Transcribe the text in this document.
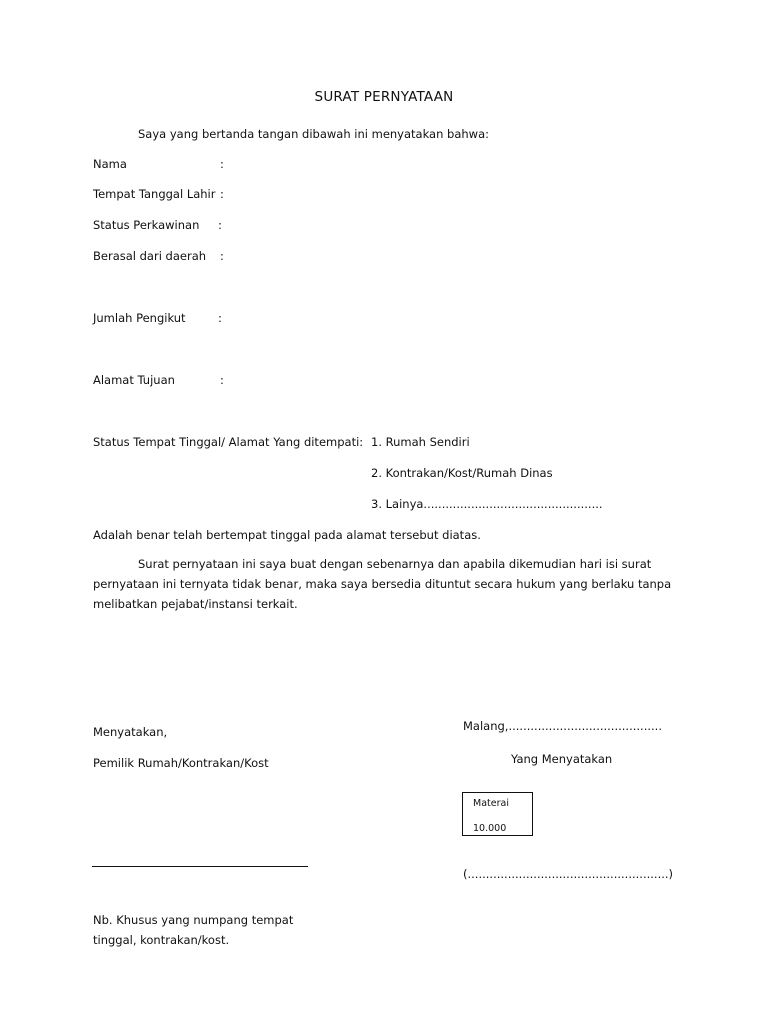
SURAT PERNYATAAN
Saya yang bertanda tangan dibawah ini menyatakan bahwa:
Nama	:
Tempat Tanggal Lahir :
Status Perkawinan :
Berasal dari daerah :
Jumlah Pengikut	:
Alamat Tujuan	:
Status Tempat Tinggal/ Alamat Yang ditempati: 1. Rumah Sendiri
2. Kontrakan/Kost/Rumah Dinas
3. Lainya.................................................
Adalah benar telah bertempat tinggal pada alamat tersebut diatas.
Surat pernyataan ini saya buat dengan sebenarnya dan apabila dikemudian hari isi surat
pernyataan ini ternyata tidak benar, maka saya bersedia dituntut secara hukum yang berlaku tanpa
melibatkan pejabat/instansi terkait.
Malang,..........................................
Yang Menyatakan
Menyatakan,
Pemilik Rumah/Kontrakan/Kost
Materai
10.000
(.......................................................)
Nb. Khusus yang numpang tempat
tinggal, kontrakan/kost.
